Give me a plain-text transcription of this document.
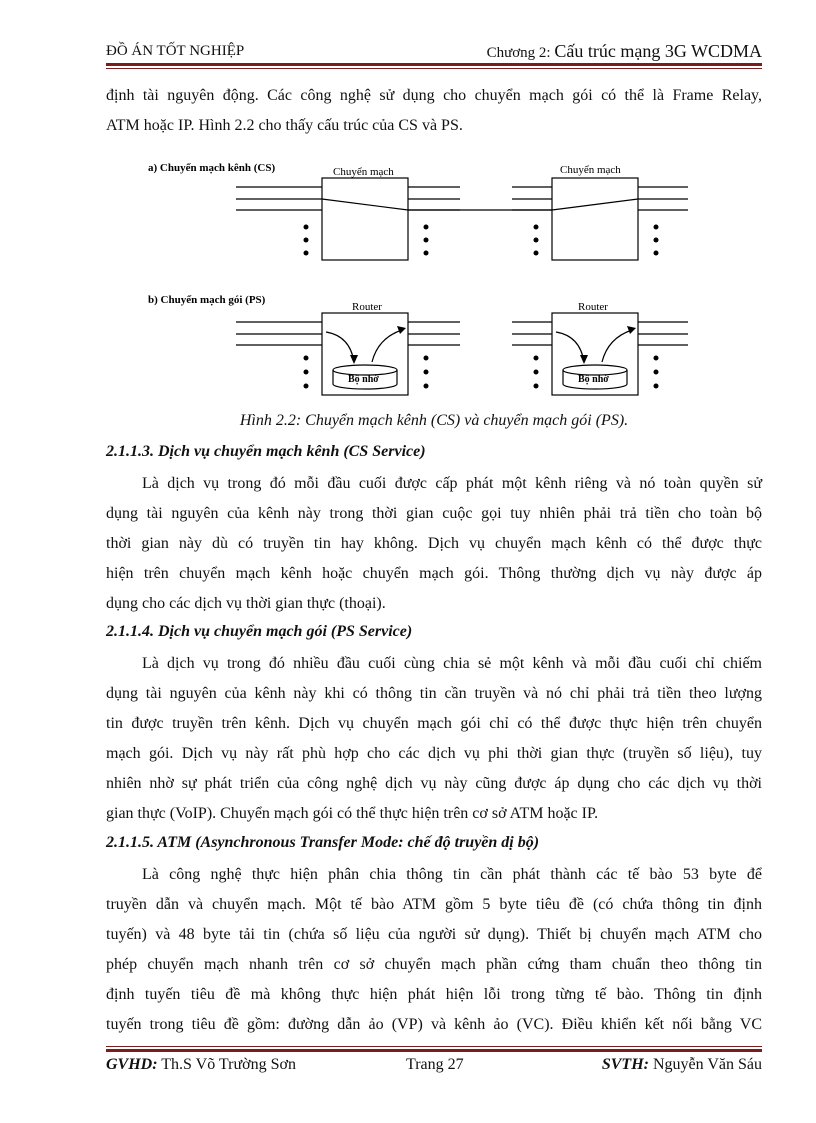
ĐỒ ÁN TỐT NGHIỆP	Chương 2: Cấu trúc mạng 3G WCDMA
định tài nguyên động. Các công nghệ sử dụng cho chuyển mạch gói có thể là Frame Relay,
ATM hoặc IP. Hình 2.2 cho thấy cấu trúc của CS và PS.
a) Chuyển mạch kênh (CS)	Chuyển mạch	Chuyển mạch
b) Chuyển mạch gói (PS)
Router	Router
Bộ nhớ	Bộ nhớ
Hình 2.2: Chuyển mạch kênh (CS) và chuyển mạch gói (PS).
2.1.1.3. Dịch vụ chuyển mạch kênh (CS Service)
Là dịch vụ trong đó mỗi đầu cuối được cấp phát một kênh riêng và nó toàn quyền sử
dụng tài nguyên của kênh này trong thời gian cuộc gọi tuy nhiên phải trả tiền cho toàn bộ
thời gian này dù có truyền tin hay không. Dịch vụ chuyển mạch kênh có thể được thực
hiện trên chuyển mạch kênh hoặc chuyển mạch gói. Thông thường dịch vụ này được áp
dụng cho các dịch vụ thời gian thực (thoại).
2.1.1.4. Dịch vụ chuyển mạch gói (PS Service)
Là dịch vụ trong đó nhiều đầu cuối cùng chia sẻ một kênh và mỗi đầu cuối chỉ chiếm
dụng tài nguyên của kênh này khi có thông tin cần truyền và nó chỉ phải trả tiền theo lượng
tin được truyền trên kênh. Dịch vụ chuyển mạch gói chỉ có thể được thực hiện trên chuyển
mạch gói. Dịch vụ này rất phù hợp cho các dịch vụ phi thời gian thực (truyền số liệu), tuy
nhiên nhờ sự phát triển của công nghệ dịch vụ này cũng được áp dụng cho các dịch vụ thời
gian thực (VoIP). Chuyển mạch gói có thể thực hiện trên cơ sở ATM hoặc IP.
2.1.1.5. ATM (Asynchronous Transfer Mode: chế độ truyền dị bộ)
Là công nghệ thực hiện phân chia thông tin cần phát thành các tế bào 53 byte để
truyền dẫn và chuyển mạch. Một tế bào ATM gồm 5 byte tiêu đề (có chứa thông tin định
tuyến) và 48 byte tải tin (chứa số liệu của người sử dụng). Thiết bị chuyển mạch ATM cho
phép chuyển mạch nhanh trên cơ sở chuyển mạch phần cứng tham chuẩn theo thông tin
định tuyến tiêu đề mà không thực hiện phát hiện lỗi trong từng tế bào. Thông tin định
tuyến trong tiêu đề gồm: đường dẫn ảo (VP) và kênh ảo (VC). Điều khiển kết nối bằng VC
GVHD: Th.S Võ Trường Sơn	Trang 27	SVTH: Nguyễn Văn Sáu
